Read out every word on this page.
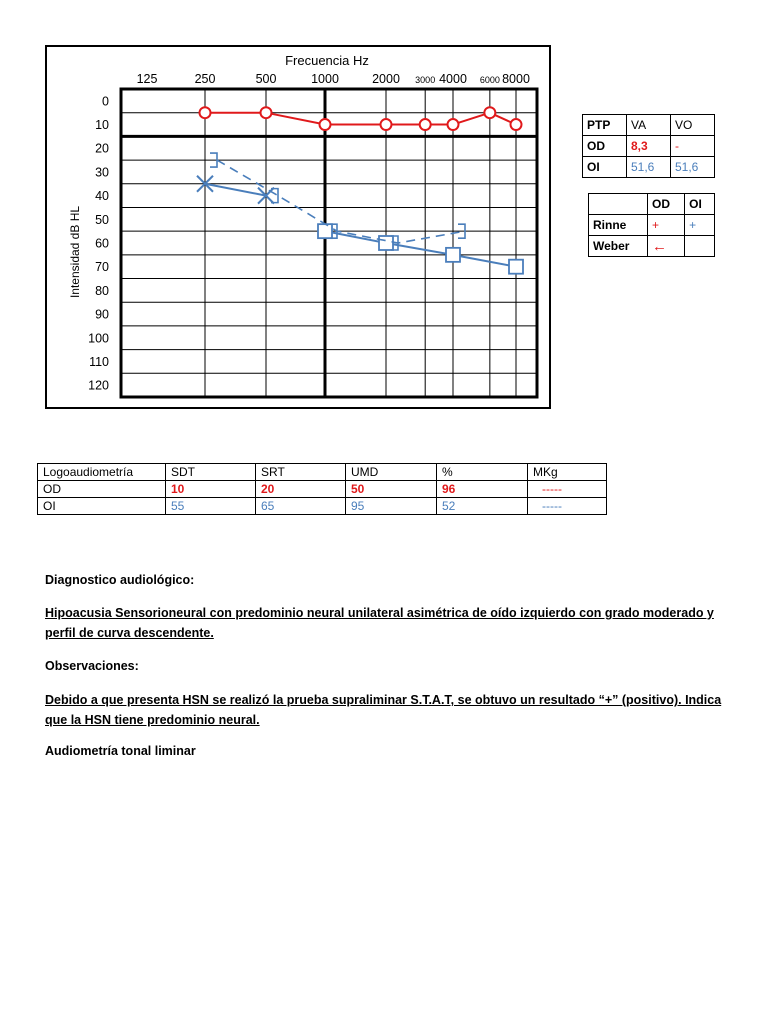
Frecuencia Hz
Intensidad dB HL
125	250	500	1000	2000 3000 4000 6000 8000
0
10
20
30
40
50
60
70
80
90
100
110
120
PTP	VA	VO
OD	8,3	-
OI	51,6	51,6
	OD	OI
Rinne	+	+
Weber	←	
Logoaudiometría	SDT	SRT	UMD	%	MKg
OD	10	20	50	96	-----
OI	55	65	95	52	-----
Diagnostico audiológico:
Hipoacusia Sensorioneural con predominio neural unilateral asimétrica de oído izquierdo con grado moderado y perfil de curva descendente.
Observaciones:
Debido a que presenta HSN se realizó la prueba supraliminar S.T.A.T, se obtuvo un resultado “+” (positivo). Indica que la HSN tiene predominio neural.
Audiometría tonal liminar
